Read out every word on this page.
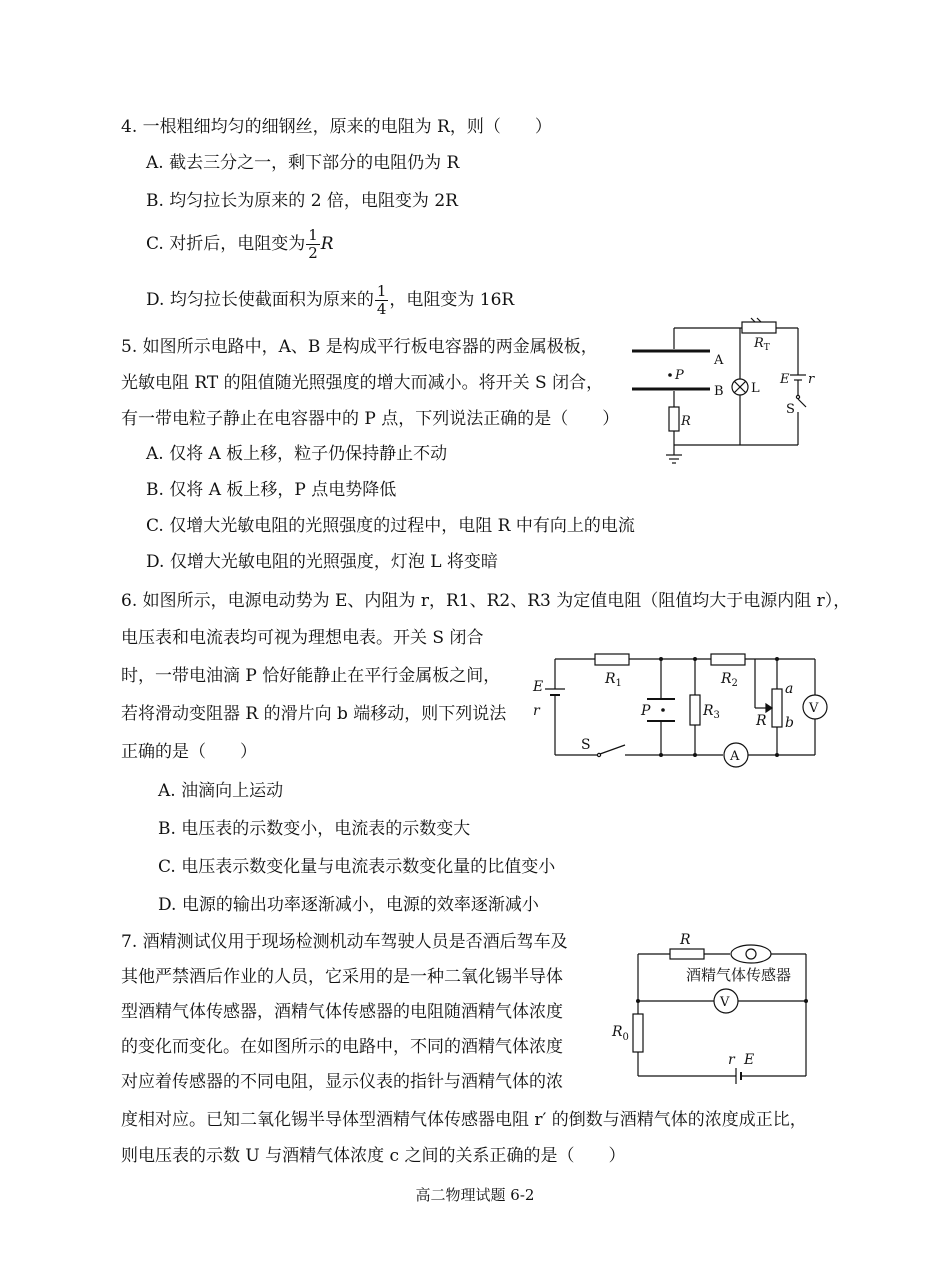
4. 一根粗细均匀的细钢丝，原来的电阻为 R，则（　　）
A. 截去三分之一，剩下部分的电阻仍为 R
B. 均匀拉长为原来的 2 倍，电阻变为 2R
C. 对折后，电阻变为 $\frac{1}{2}$ R
D. 均匀拉长使截面积为原来的 $\frac{1}{4}$ ，电阻变为 16R
5. 如图所示电路中，A、B 是构成平行板电容器的两金属极板，
光敏电阻 RT 的阻值随光照强度的增大而减小。将开关 S 闭合，
有一带电粒子静止在电容器中的 P 点，下列说法正确的是（　　）
A. 仅将 A 板上移，粒子仍保持静止不动
B. 仅将 A 板上移，P 点电势降低
C. 仅增大光敏电阻的光照强度的过程中，电阻 R 中有向上的电流
D. 仅增大光敏电阻的光照强度，灯泡 L 将变暗
A
B
P
L
R
$R_T$
E r
S
6. 如图所示，电源电动势为 E、内阻为 r，R1、R2、R3 为定值电阻（阻值均大于电源内阻 r），
电压表和电流表均可视为理想电表。开关 S 闭合
时，一带电油滴 P 恰好能静止在平行金属板之间，
若将滑动变阻器 R 的滑片向 b 端移动，则下列说法
正确的是（　　）
A. 油滴向上运动
B. 电压表的示数变小，电流表的示数变大
C. 电压表示数变化量与电流表示数变化量的比值变小
D. 电源的输出功率逐渐减小，电源的效率逐渐减小
E
r
S
P
$R_1$	$R_2$
$R_3$	R
a
b
V
A
7. 酒精测试仪用于现场检测机动车驾驶人员是否酒后驾车及
其他严禁酒后作业的人员，它采用的是一种二氧化锡半导体
型酒精气体传感器，酒精气体传感器的电阻随酒精气体浓度
的变化而变化。在如图所示的电路中，不同的酒精气体浓度
对应着传感器的不同电阻，显示仪表的指针与酒精气体的浓
度相对应。已知二氧化锡半导体型酒精气体传感器电阻 r′ 的倒数与酒精气体的浓度成正比，
则电压表的示数 U 与酒精气体浓度 c 之间的关系正确的是（　　）
R
酒精气体传感器
V
$R_0$
r E
高二物理试题 6-2
